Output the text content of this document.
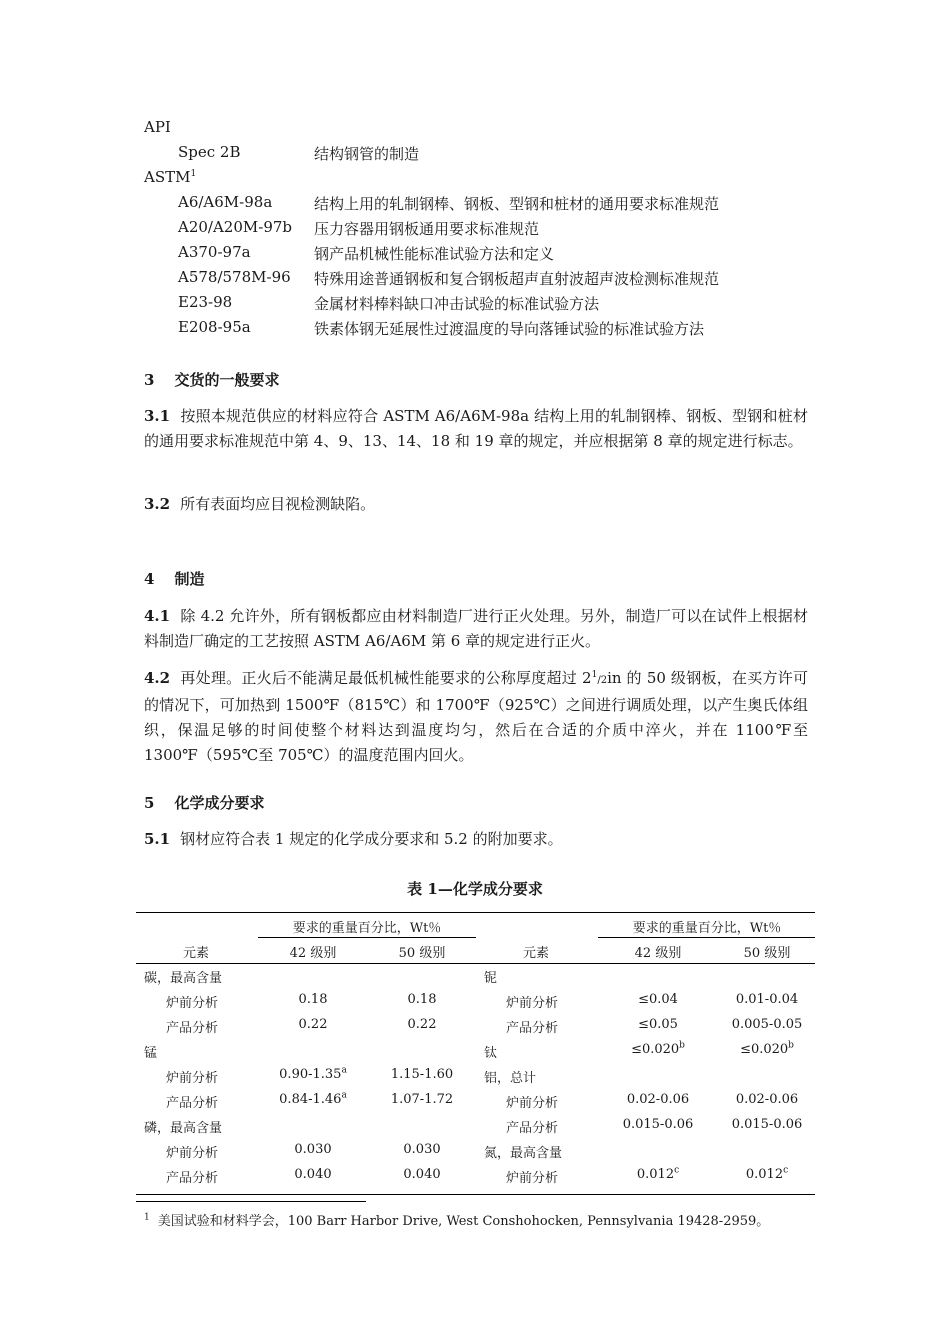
API
Spec 2B	结构钢管的制造
ASTM$^1$
A6/A6M-98a	结构上用的轧制钢棒、钢板、型钢和桩材的通用要求标准规范
A20/A20M-97b 压力容器用钢板通用要求标准规范
A370-97a	钢产品机械性能标准试验方法和定义
A578/578M-96 特殊用途普通钢板和复合钢板超声直射波超声波检测标准规范
E23-98	金属材料棒料缺口冲击试验的标准试验方法
E208-95a	铁素体钢无延展性过渡温度的导向落锤试验的标准试验方法
3 交货的一般要求
3.1 按照本规范供应的材料应符合 ASTM A6/A6M-98a 结构上用的轧制钢棒、钢板、型钢和桩材的通用要求标准规范中第 4、9、13、14、18 和 19 章的规定，并应根据第 8 章的规定进行标志。
3.2 所有表面均应目视检测缺陷。
4 制造
4.1 除 4.2 允许外，所有钢板都应由材料制造厂进行正火处理。另外，制造厂可以在试件上根据材料制造厂确定的工艺按照 ASTM A6/A6M 第 6 章的规定进行正火。
4.2 再处理。正火后不能满足最低机械性能要求的公称厚度超过 $2^1/2in$ 的 50 级钢板，在买方许可的情况下，可加热到 1500℉（815℃）和 1700℉（925℃）之间进行调质处理，以产生奥氏体组织，保温足够的时间使整个材料达到温度均匀，然后在合适的介质中淬火，并在 1100℉至 1300℉（595℃至 705℃）的温度范围内回火。
5 化学成分要求
5.1 钢材应符合表 1 规定的化学成分要求和 5.2 的附加要求。
表 1—化学成分要求
要求的重量百分比，Wt％	要求的重量百分比，Wt％
元素	42 级别	50 级别	元素	42 级别	50 级别
碳，最高含量
炉前分析	0.18	0.18
产品分析	0.22	0.22
锰
炉前分析	0.90-1.35$^a$	1.15-1.60
产品分析	0.84-1.46$^a$	1.07-1.72
磷，最高含量
炉前分析	0.030	0.030
产品分析	0.040	0.040
铌
炉前分析	≤0.04	0.01-0.04
产品分析	≤0.05	0.005-0.05
钛	≤0.020$^b$	≤0.020$^b$
铝，总计
炉前分析	0.02-0.06	0.02-0.06
产品分析	0.015-0.06	0.015-0.06
氮，最高含量
炉前分析	0.012$^c$	0.012$^c$
$^1$ 美国试验和材料学会，100 Barr Harbor Drive, West Conshohocken, Pennsylvania 19428-2959。
